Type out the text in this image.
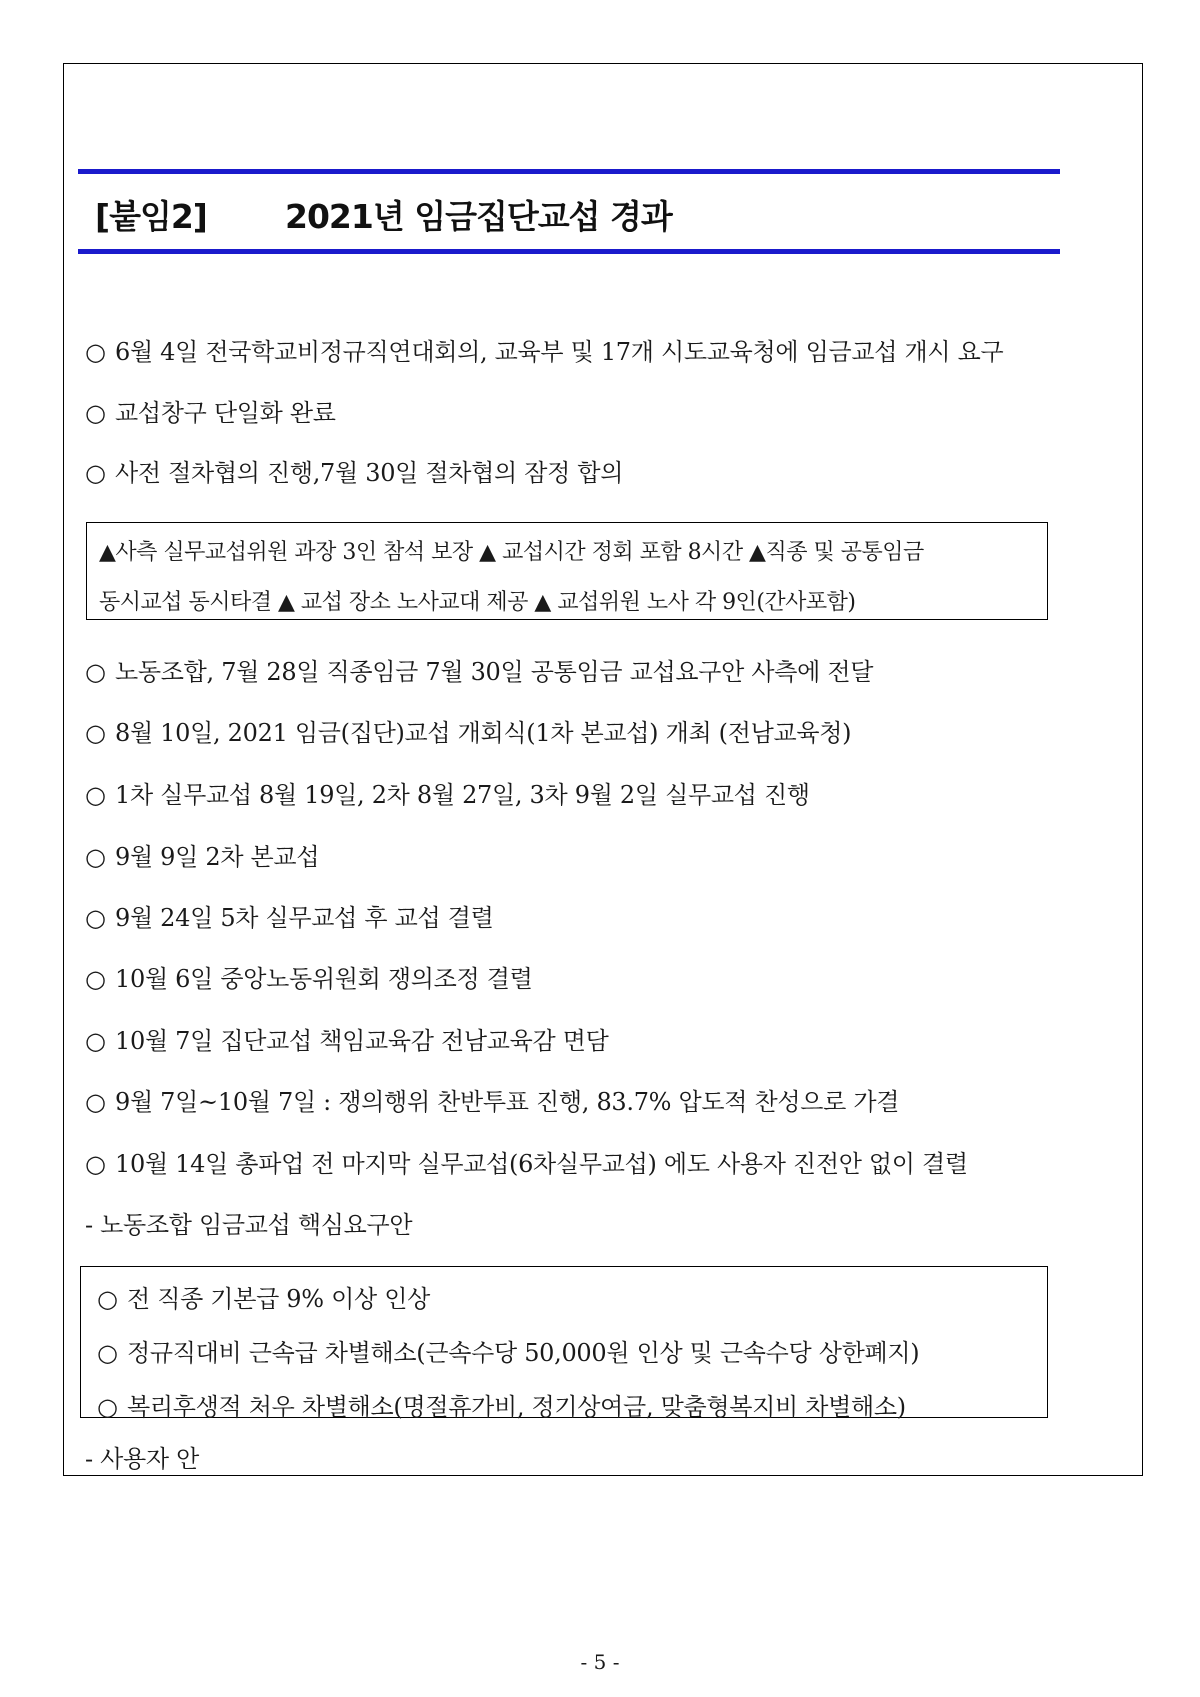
[붙임2]	2021년 임금집단교섭 경과
○ 6월 4일 전국학교비정규직연대회의, 교육부 및 17개 시도교육청에 임금교섭 개시 요구
○ 교섭창구 단일화 완료
○ 사전 절차협의 진행,7월 30일 절차협의 잠정 합의
▲사측 실무교섭위원 과장 3인 참석 보장 ▲ 교섭시간 정회 포함 8시간 ▲직종 및 공통임금
동시교섭 동시타결 ▲ 교섭 장소 노사교대 제공 ▲ 교섭위원 노사 각 9인(간사포함)
○ 노동조합, 7월 28일 직종임금 7월 30일 공통임금 교섭요구안 사측에 전달
○ 8월 10일, 2021 임금(집단)교섭 개회식(1차 본교섭) 개최 (전남교육청)
○ 1차 실무교섭 8월 19일, 2차 8월 27일, 3차 9월 2일 실무교섭 진행
○ 9월 9일 2차 본교섭
○ 9월 24일 5차 실무교섭 후 교섭 결렬
○ 10월 6일 중앙노동위원회 쟁의조정 결렬
○ 10월 7일 집단교섭 책임교육감 전남교육감 면담
○ 9월 7일~10월 7일 : 쟁의행위 찬반투표 진행, 83.7% 압도적 찬성으로 가결
○ 10월 14일 총파업 전 마지막 실무교섭(6차실무교섭) 에도 사용자 진전안 없이 결렬
- 노동조합 임금교섭 핵심요구안
○ 전 직종 기본급 9% 이상 인상
○ 정규직대비 근속급 차별해소(근속수당 50,000원 인상 및 근속수당 상한폐지)
○ 복리후생적 처우 차별해소(명절휴가비, 정기상여금, 맞춤형복지비 차별해소)
- 사용자 안
- 5 -
